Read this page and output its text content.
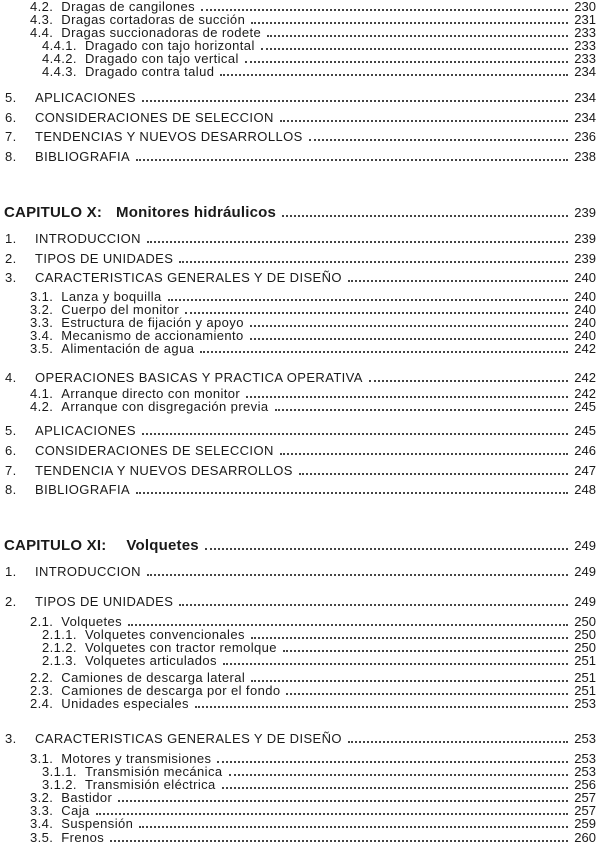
4.2. Dragas de cangilones	230
4.3. Dragas cortadoras de succión	231
4.4. Dragas succionadoras de rodete	233
4.4.1. Dragado con tajo horizontal	233
4.4.2. Dragado con tajo vertical	233
4.4.3. Dragado contra talud	234
5.	APLICACIONES	234
6.	CONSIDERACIONES DE SELECCION	234
7.	TENDENCIAS Y NUEVOS DESARROLLOS	236
8.	BIBLIOGRAFIA	238
CAPITULO X: Monitores hidráulicos	239
1.	INTRODUCCION	239
2.	TIPOS DE UNIDADES	239
3.	CARACTERISTICAS GENERALES Y DE DISEÑO	240
3.1. Lanza y boquilla	240
3.2. Cuerpo del monitor	240
3.3. Estructura de fijación y apoyo	240
3.4. Mecanismo de accionamiento	240
3.5. Alimentación de agua	242
4.	OPERACIONES BASICAS Y PRACTICA OPERATIVA	242
4.1. Arranque directo con monitor	242
4.2. Arranque con disgregación previa	245
5.	APLICACIONES	245
6.	CONSIDERACIONES DE SELECCION	246
7.	TENDENCIA Y NUEVOS DESARROLLOS	247
8.	BIBLIOGRAFIA	248
CAPITULO XI: Volquetes	249
1.	INTRODUCCION	249
2.	TIPOS DE UNIDADES	249
2.1. Volquetes	250
2.1.1. Volquetes convencionales	250
2.1.2. Volquetes con tractor remolque	250
2.1.3. Volquetes articulados	251
2.2. Camiones de descarga lateral	251
2.3. Camiones de descarga por el fondo	251
2.4. Unidades especiales	253
3.	CARACTERISTICAS GENERALES Y DE DISEÑO	253
3.1. Motores y transmisiones	253
3.1.1. Transmisión mecánica	253
3.1.2. Transmisión eléctrica	256
3.2. Bastidor	257
3.3. Caja	257
3.4. Suspensión	259
3.5. Frenos	260
